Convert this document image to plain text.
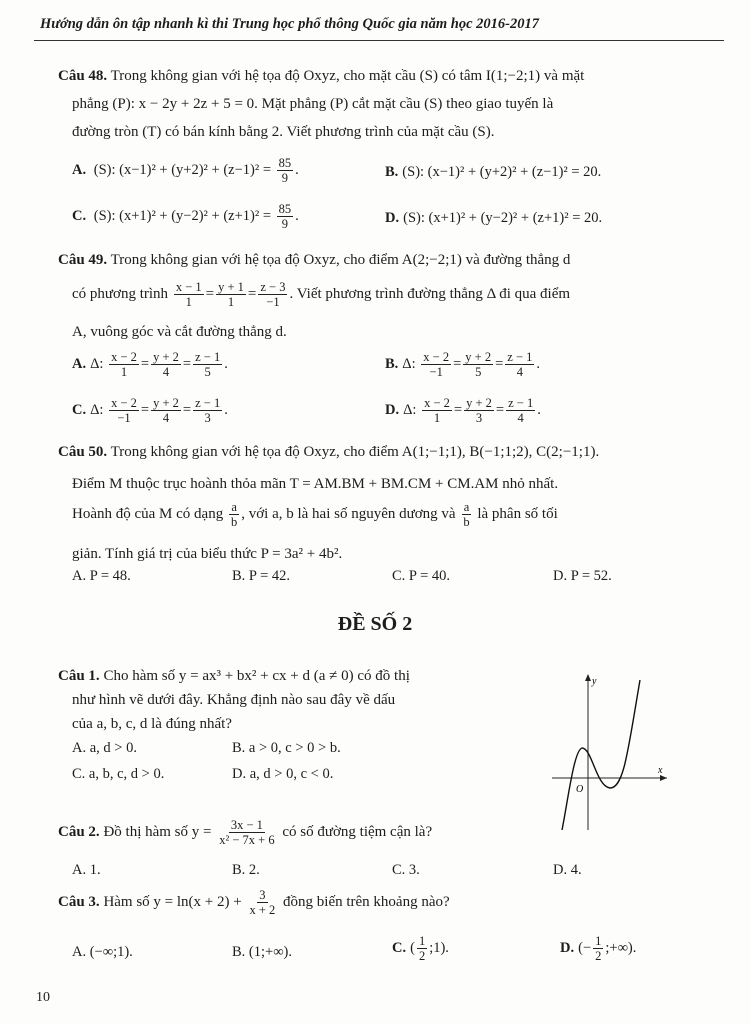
Hướng dẫn ôn tập nhanh kì thi Trung học phổ thông Quốc gia năm học 2016-2017
Câu 48. Trong không gian với hệ tọa độ Oxyz, cho mặt cầu (S) có tâm I(1;−2;1) và mặt
phẳng (P): x − 2y + 2z + 5 = 0. Mặt phẳng (P) cắt mặt cầu (S) theo giao tuyến là
đường tròn (T) có bán kính bằng 2. Viết phương trình của mặt cầu (S).
A. (S): $(x-1)^2 + (y+2)^2 + (z-1)^2 = \frac{85}{9}$ .	B. (S): (x−1)² + (y+2)² + (z−1)² = 20.
C. (S): $(x+1)^2 + (y-2)^2 + (z+1)^2 = \frac{85}{9}$ .	D. (S): (x+1)² + (y−2)² + (z+1)² = 20.
Câu 49. Trong không gian với hệ tọa độ Oxyz, cho điểm A(2;−2;1) và đường thẳng d
có phương trình $\frac{x - 1}{1} = \frac{y + 1}{1} = \frac{z - 3}{-1}$ . Viết phương trình đường thẳng Δ đi qua điểm
A, vuông góc và cắt đường thẳng d.
A. Δ: $\frac{x - 2}{1} = \frac{y + 2}{4} = \frac{z - 1}{5}$ .	B. Δ: $\frac{x - 2}{-1} = \frac{y + 2}{5} = \frac{z - 1}{4}$ .
C. Δ: $\frac{x - 2}{-1} = \frac{y + 2}{4} = \frac{z - 1}{3}$ .	D. Δ: $\frac{x - 2}{1} = \frac{y + 2}{3} = \frac{z - 1}{4}$ .
Câu 50. Trong không gian với hệ tọa độ Oxyz, cho điểm A(1;−1;1), B(−1;1;2), C(2;−1;1).
Điểm M thuộc trục hoành thỏa mãn T = AM.BM + BM.CM + CM.AM nhỏ nhất.
Hoành độ của M có dạng $\frac{a}{b}$ , với a, b là hai số nguyên dương và $\frac{a}{b}$ là phân số tối
giản. Tính giá trị của biểu thức P = 3a² + 4b².
A. P = 48.	B. P = 42.	C. P = 40.	D. P = 52.
ĐỀ SỐ 2
Câu 1. Cho hàm số y = ax³ + bx² + cx + d (a ≠ 0) có đồ thị
như hình vẽ dưới đây. Khẳng định nào sau đây về dấu
của a, b, c, d là đúng nhất?
A. a, d > 0.	B. a > 0, c > 0 > b.
C. a, b, c, d > 0.	D. a, d > 0, c < 0.
y
x
O
Câu 2. Đồ thị hàm số $y = \frac{3x - 1}{\text{x² − 7x + 6}}$ có số đường tiệm cận là?
A. 1.	B. 2.	C. 3.	D. 4.
Câu 3. Hàm số $y = \ln(x + 2) + \frac{3}{x + 2}$ đồng biến trên khoảng nào?
A. (−∞;1).	B. (1;+∞).	C. ( $\frac{1}{2}$ ;1).	D. (− $\frac{1}{2}$ ;+∞).
10
